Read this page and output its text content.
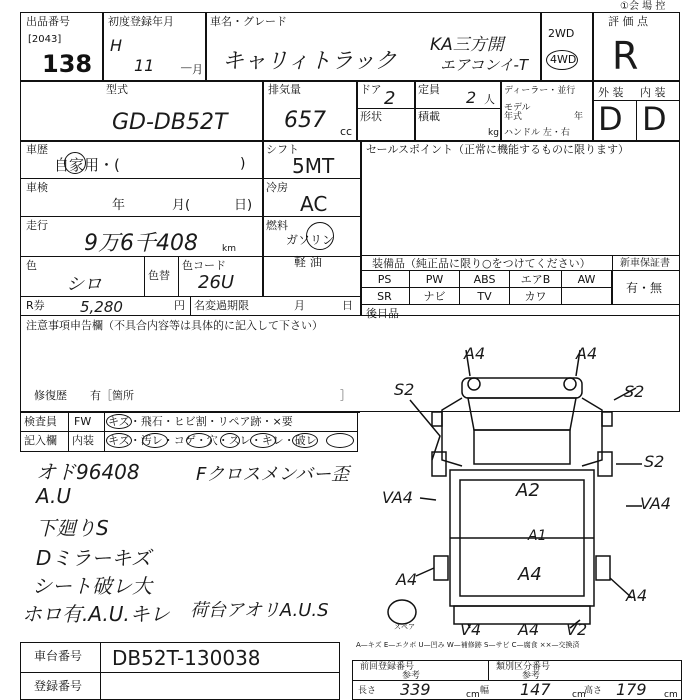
出品番号
[2043]
138
初度登録年月
H
11 － 月
車名・グレード
キャリィトラック
KA三方開
エアコンイ-T
2WD
4WD
評 価 点
R
①会 場 控
型式
GD-DB52T
排気量
657 cc
ドア 2
形状
定員 2 人
積載
kg
ディーラー・並行
モデル年式	年
ハンドル 左・右
外 装 内 装
D D
車歴
自家用・(	)
シフト
5MT
セールスポイント（正常に機能するものに限ります）
車検
年	月(	日)
冷房
AC
走行
9万6千408	km
燃料
ガソリン
軽 油
色
シロ	色替
色コード
26U
R券 5,280	円 名変過期限	月	日
装備品（純正品に限り○をつけてください）	新車保証書
有・無
PS	PW	ABS	エアB	AW
SR	ナビ	TV	カワ
後日品
注意事項申告欄（不具合内容等は具体的に記入して下さい）
修復歴 有［箇所	］
検査員
記入欄
FW キズ・飛石・ヒビ割・リペア跡・×要
内装 キズ・汚レ・コゲ・穴・スレ・キレ・破レ
オド96408
A.U
下廻りS
Dミラーキズ
シート破レ大
ホロ有.A.U.キレ
Fクロスメンバー歪
荷台アオリA.U.S
A4	A4
S2	S2
S2
VA4	A2
VA4
A4
A4
A4
V4 A4 V2
A1
スペア
A—キズ E—エクボ U—凹み W—補修跡 S—サビ C—腐食 ××—交換済
車台番号 DB52T-130038
登録番号
前回登録番号
参考
類別区分番号
参考
長さ 339	cm 幅 147 cm
高さ 179 cm
